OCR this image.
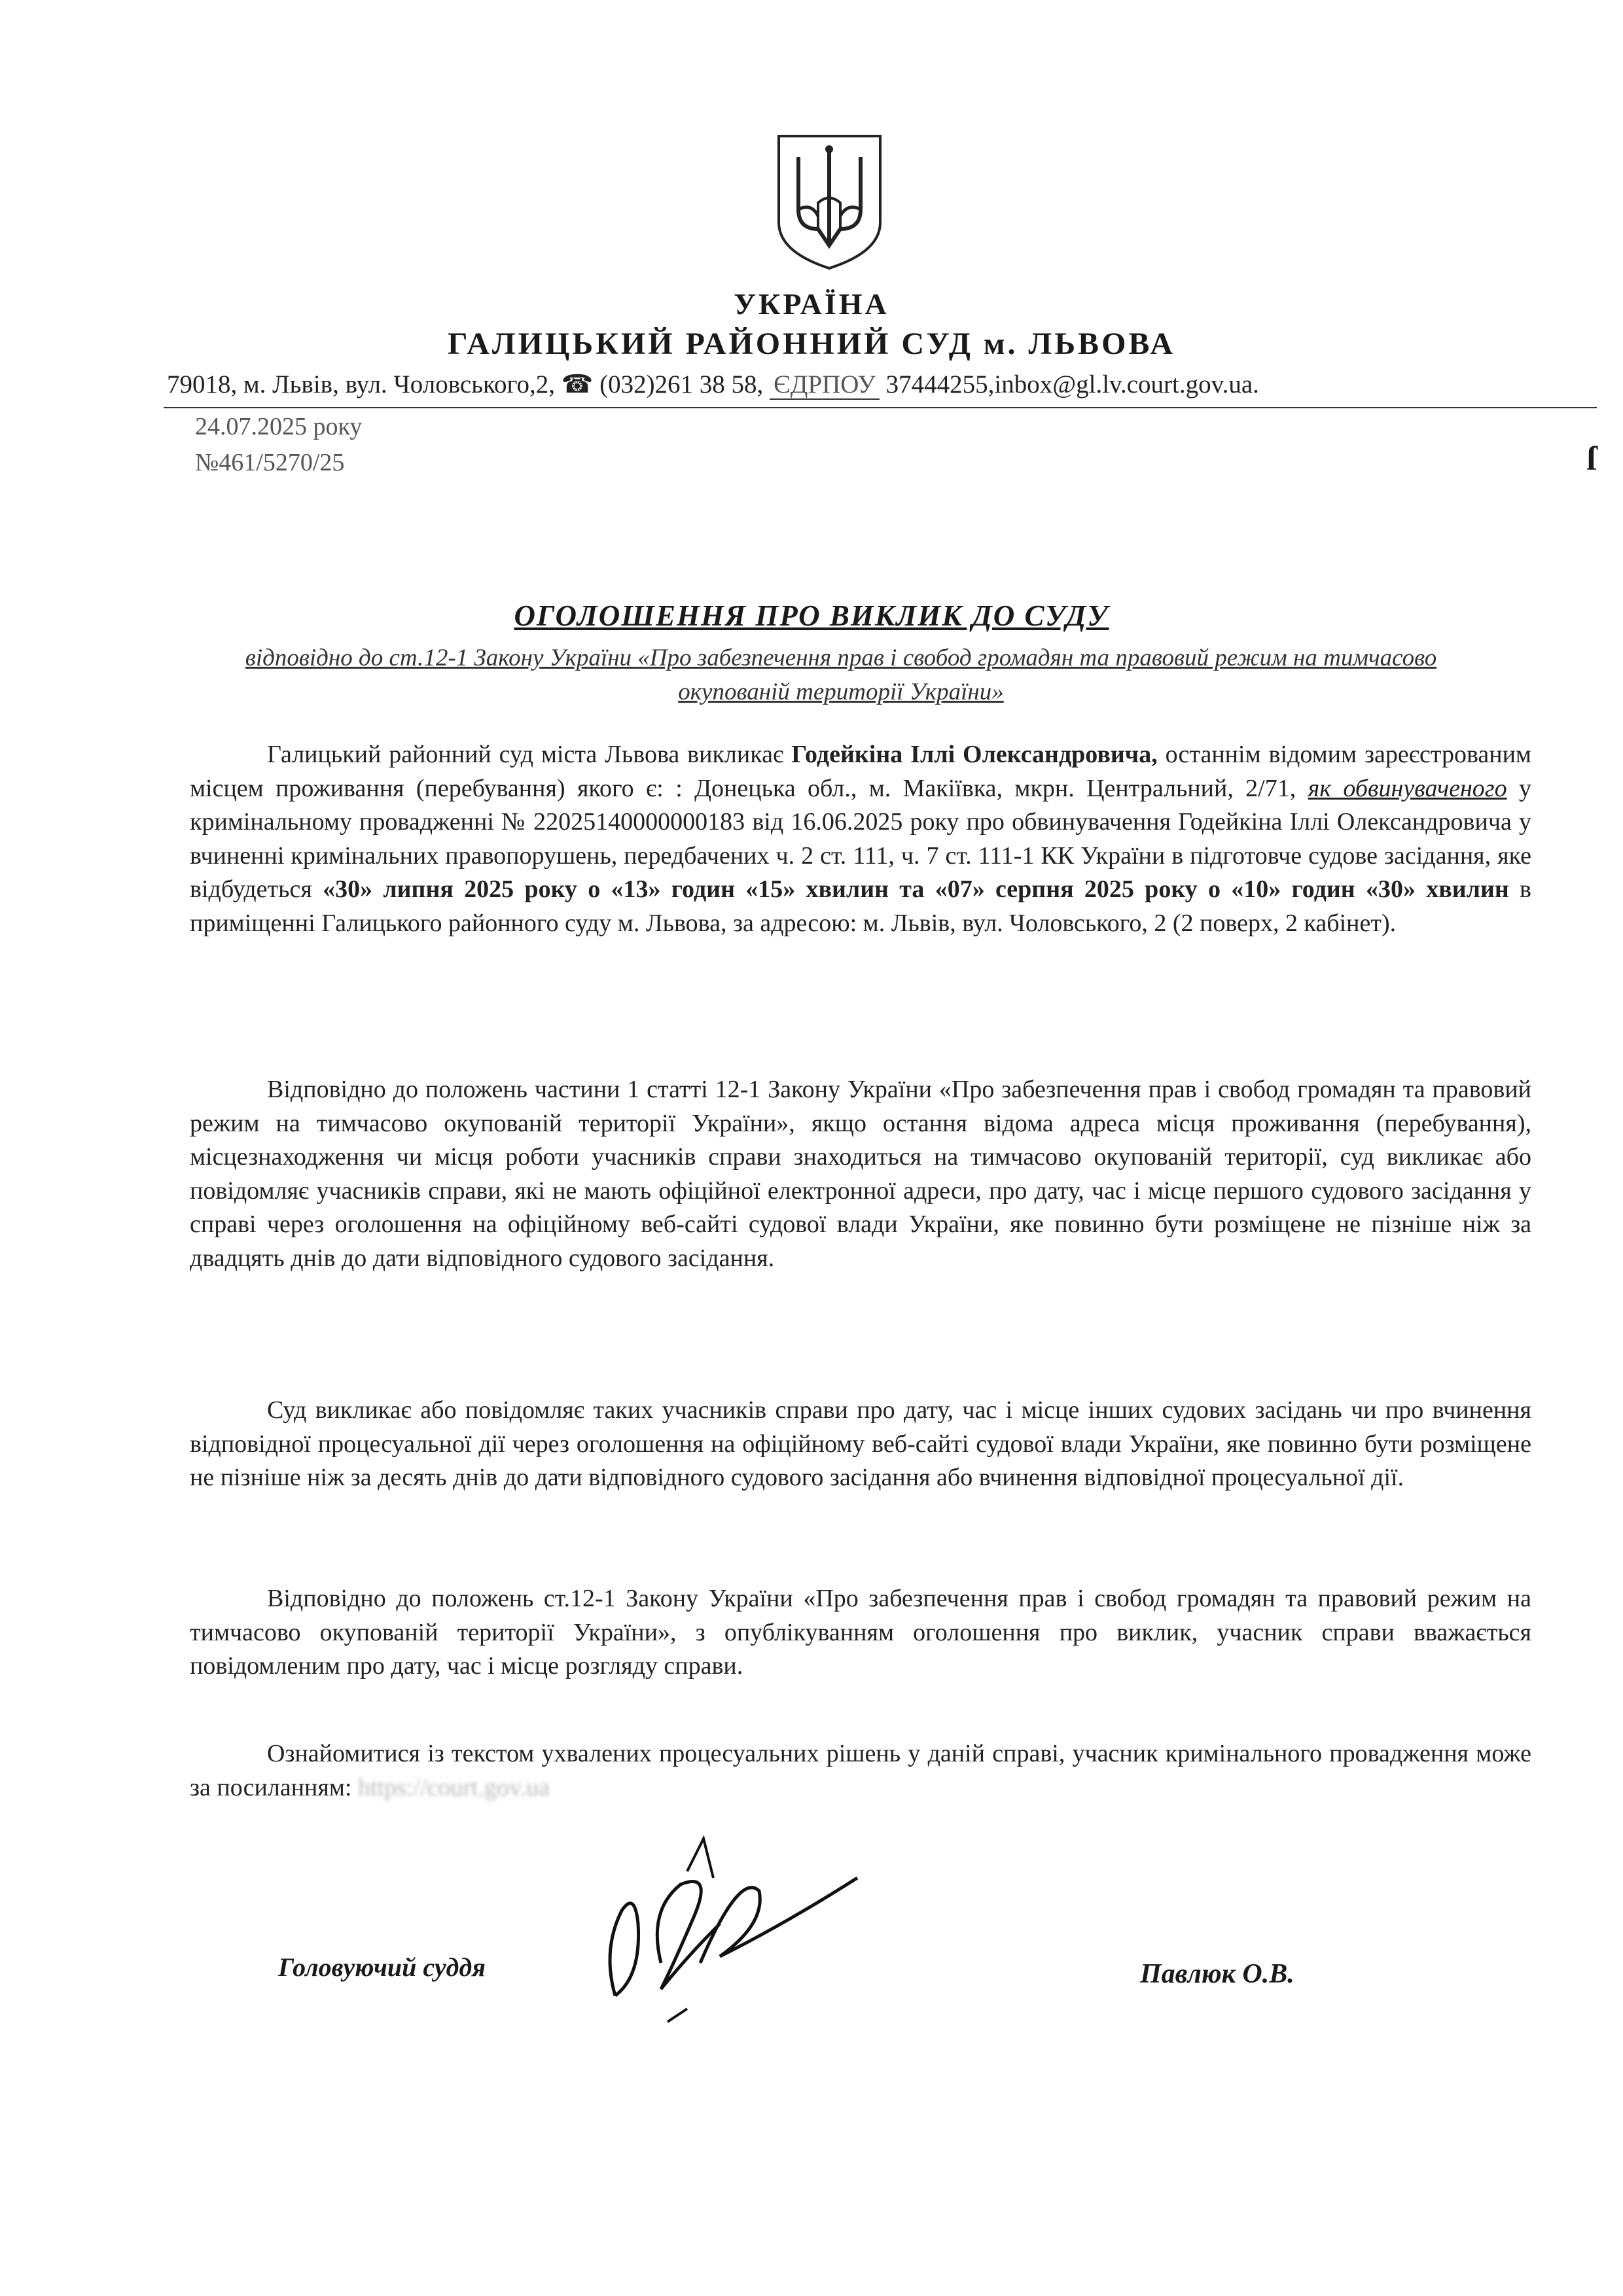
УКРАЇНА
ГАЛИЦЬКИЙ РАЙОННИЙ СУД м. ЛЬВОВА
79018, м. Львів, вул. Чоловського,2, ☎ (032)261 38 58, ЄДРПОУ 37444255,inbox@gl.lv.court.gov.ua.
24.07.2025 року
№461/5270/25	ſ
ОГОЛОШЕННЯ ПРО ВИКЛИК ДО СУДУ
відповідно до ст.12-1 Закону України «Про забезпечення прав і свобод громадян та правовий режим на тимчасово окупованій території України»

Галицький районний суд міста Львова викликає Годейкіна Іллі Олександровича, останнім відомим зареєстрованим місцем проживання (перебування) якого є: : Донецька обл., м. Макіївка, мкрн. Центральний, 2/71, як обвинуваченого у кримінальному провадженні № 22025140000000183 від 16.06.2025 року про обвинувачення Годейкіна Іллі Олександровича у вчиненні кримінальних правопорушень, передбачених ч. 2 ст. 111, ч. 7 ст. 111-1 КК України в підготовче судове засідання, яке відбудеться «30» липня 2025 року о «13» годин «15» хвилин та «07» серпня 2025 року о «10» годин «30» хвилин в приміщенні Галицького районного суду м. Львова, за адресою: м. Львів, вул. Чоловського, 2 (2 поверх, 2 кабінет).

Відповідно до положень частини 1 статті 12-1 Закону України «Про забезпечення прав і свобод громадян та правовий режим на тимчасово окупованій території України», якщо остання відома адреса місця проживання (перебування), місцезнаходження чи місця роботи учасників справи знаходиться на тимчасово окупованій території, суд викликає або повідомляє учасників справи, які не мають офіційної електронної адреси, про дату, час і місце першого судового засідання у справі через оголошення на офіційному веб-сайті судової влади України, яке повинно бути розміщене не пізніше ніж за двадцять днів до дати відповідного судового засідання.

Суд викликає або повідомляє таких учасників справи про дату, час і місце інших судових засідань чи про вчинення відповідної процесуальної дії через оголошення на офіційному веб-сайті судової влади України, яке повинно бути розміщене не пізніше ніж за десять днів до дати відповідного судового засідання або вчинення відповідної процесуальної дії.

Відповідно до положень ст.12-1 Закону України «Про забезпечення прав і свобод громадян та правовий режим на тимчасово окупованій території України», з опублікуванням оголошення про виклик, учасник справи вважається повідомленим про дату, час і місце розгляду справи.

Ознайомитися із текстом ухвалених процесуальних рішень у даній справі, учасник кримінального провадження може за посиланням: https://court.gov.ua

Головуючий суддя	Павлюк О.В.
